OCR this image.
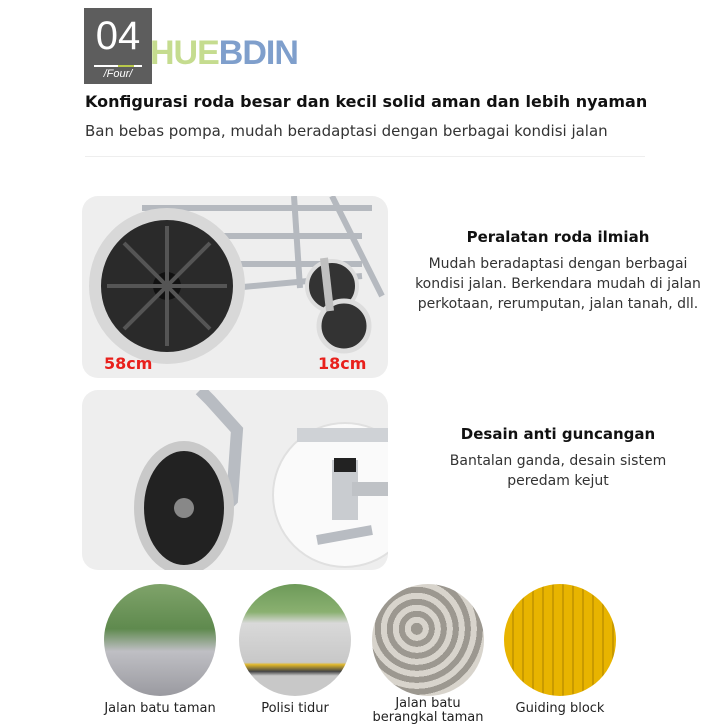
04
/Four/
HUEBDIN
Konfigurasi roda besar dan kecil solid aman dan lebih nyaman
Ban bebas pompa, mudah beradaptasi dengan berbagai kondisi jalan
58cm	18cm
Peralatan roda ilmiah

Mudah beradaptasi dengan berbagai

kondisi jalan. Berkendara mudah di jalan

perkotaan, rerumputan, jalan tanah, dll.

Desain anti guncangan

Bantalan ganda, desain sistem

peredam kejut

Jalan batu taman	Polisi tidur	Jalan batu
berangkal taman
Guiding block
